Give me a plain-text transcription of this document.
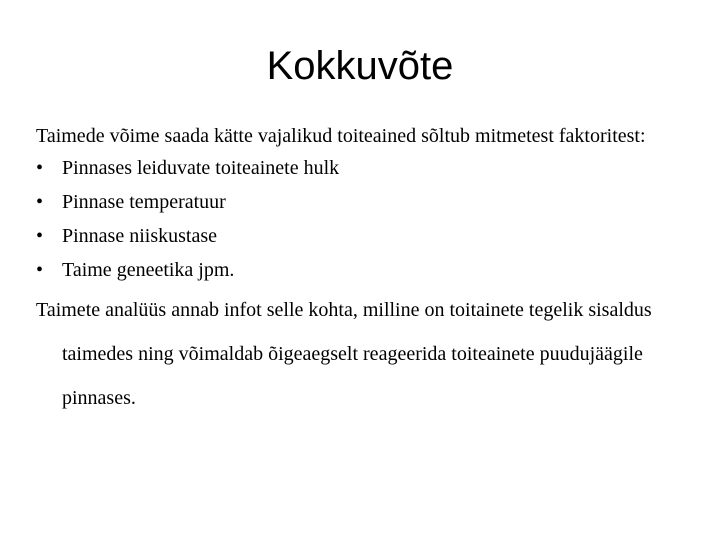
Kokkuvõte
Taimede võime saada kätte vajalikud toiteained sõltub mitmetest faktoritest:
• Pinnases leiduvate toiteainete hulk
• Pinnase temperatuur
• Pinnase niiskustase
• Taime geneetika jpm.
Taimete analüüs annab infot selle kohta, milline on toitainete tegelik sisaldus taimedes ning võimaldab õigeaegselt reageerida toiteainete puudujäägile pinnases.
